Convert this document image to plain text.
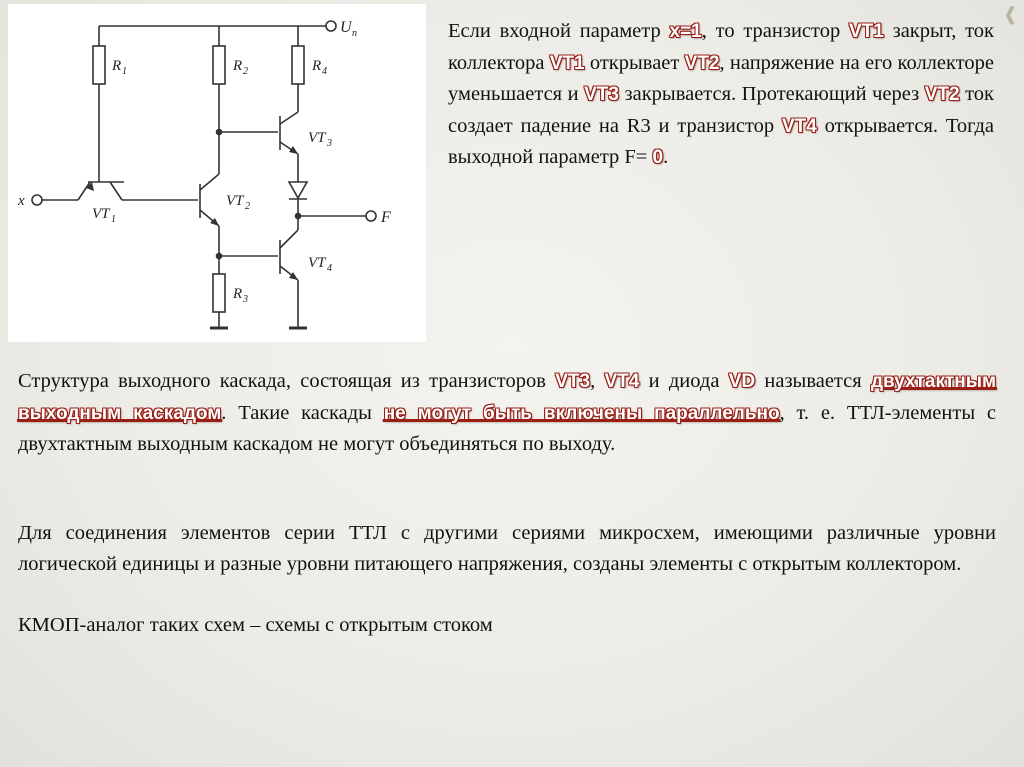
❰
U п
R 1	R 2	R 4
R 3
VT 1
VT 2
VT 3
VT 4
x
F

Если входной параметр x=1, то транзистор VT1 закрыт, ток коллектора VT1 открывает VT2, напряжение на его коллекторе уменьшается и VT3 закрывается. Протекающий через VT2 ток создает падение на R3 и транзистор VT4 открывается. Тогда выходной параметр F= 0.

Структура выходного каскада, состоящая из транзисторов VT3, VT4 и диода VD называется двухтактным выходным каскадом. Такие каскады не могут быть включены параллельно, т. е. ТТЛ-элементы с двухтактным выходным каскадом не могут объединяться по выходу.

Для соединения элементов серии ТТЛ с другими сериями микросхем, имеющими различные уровни логической единицы и разные уровни питающего напряжения, созданы элементы с открытым коллектором.

КМОП-аналог таких схем – схемы с открытым стоком
